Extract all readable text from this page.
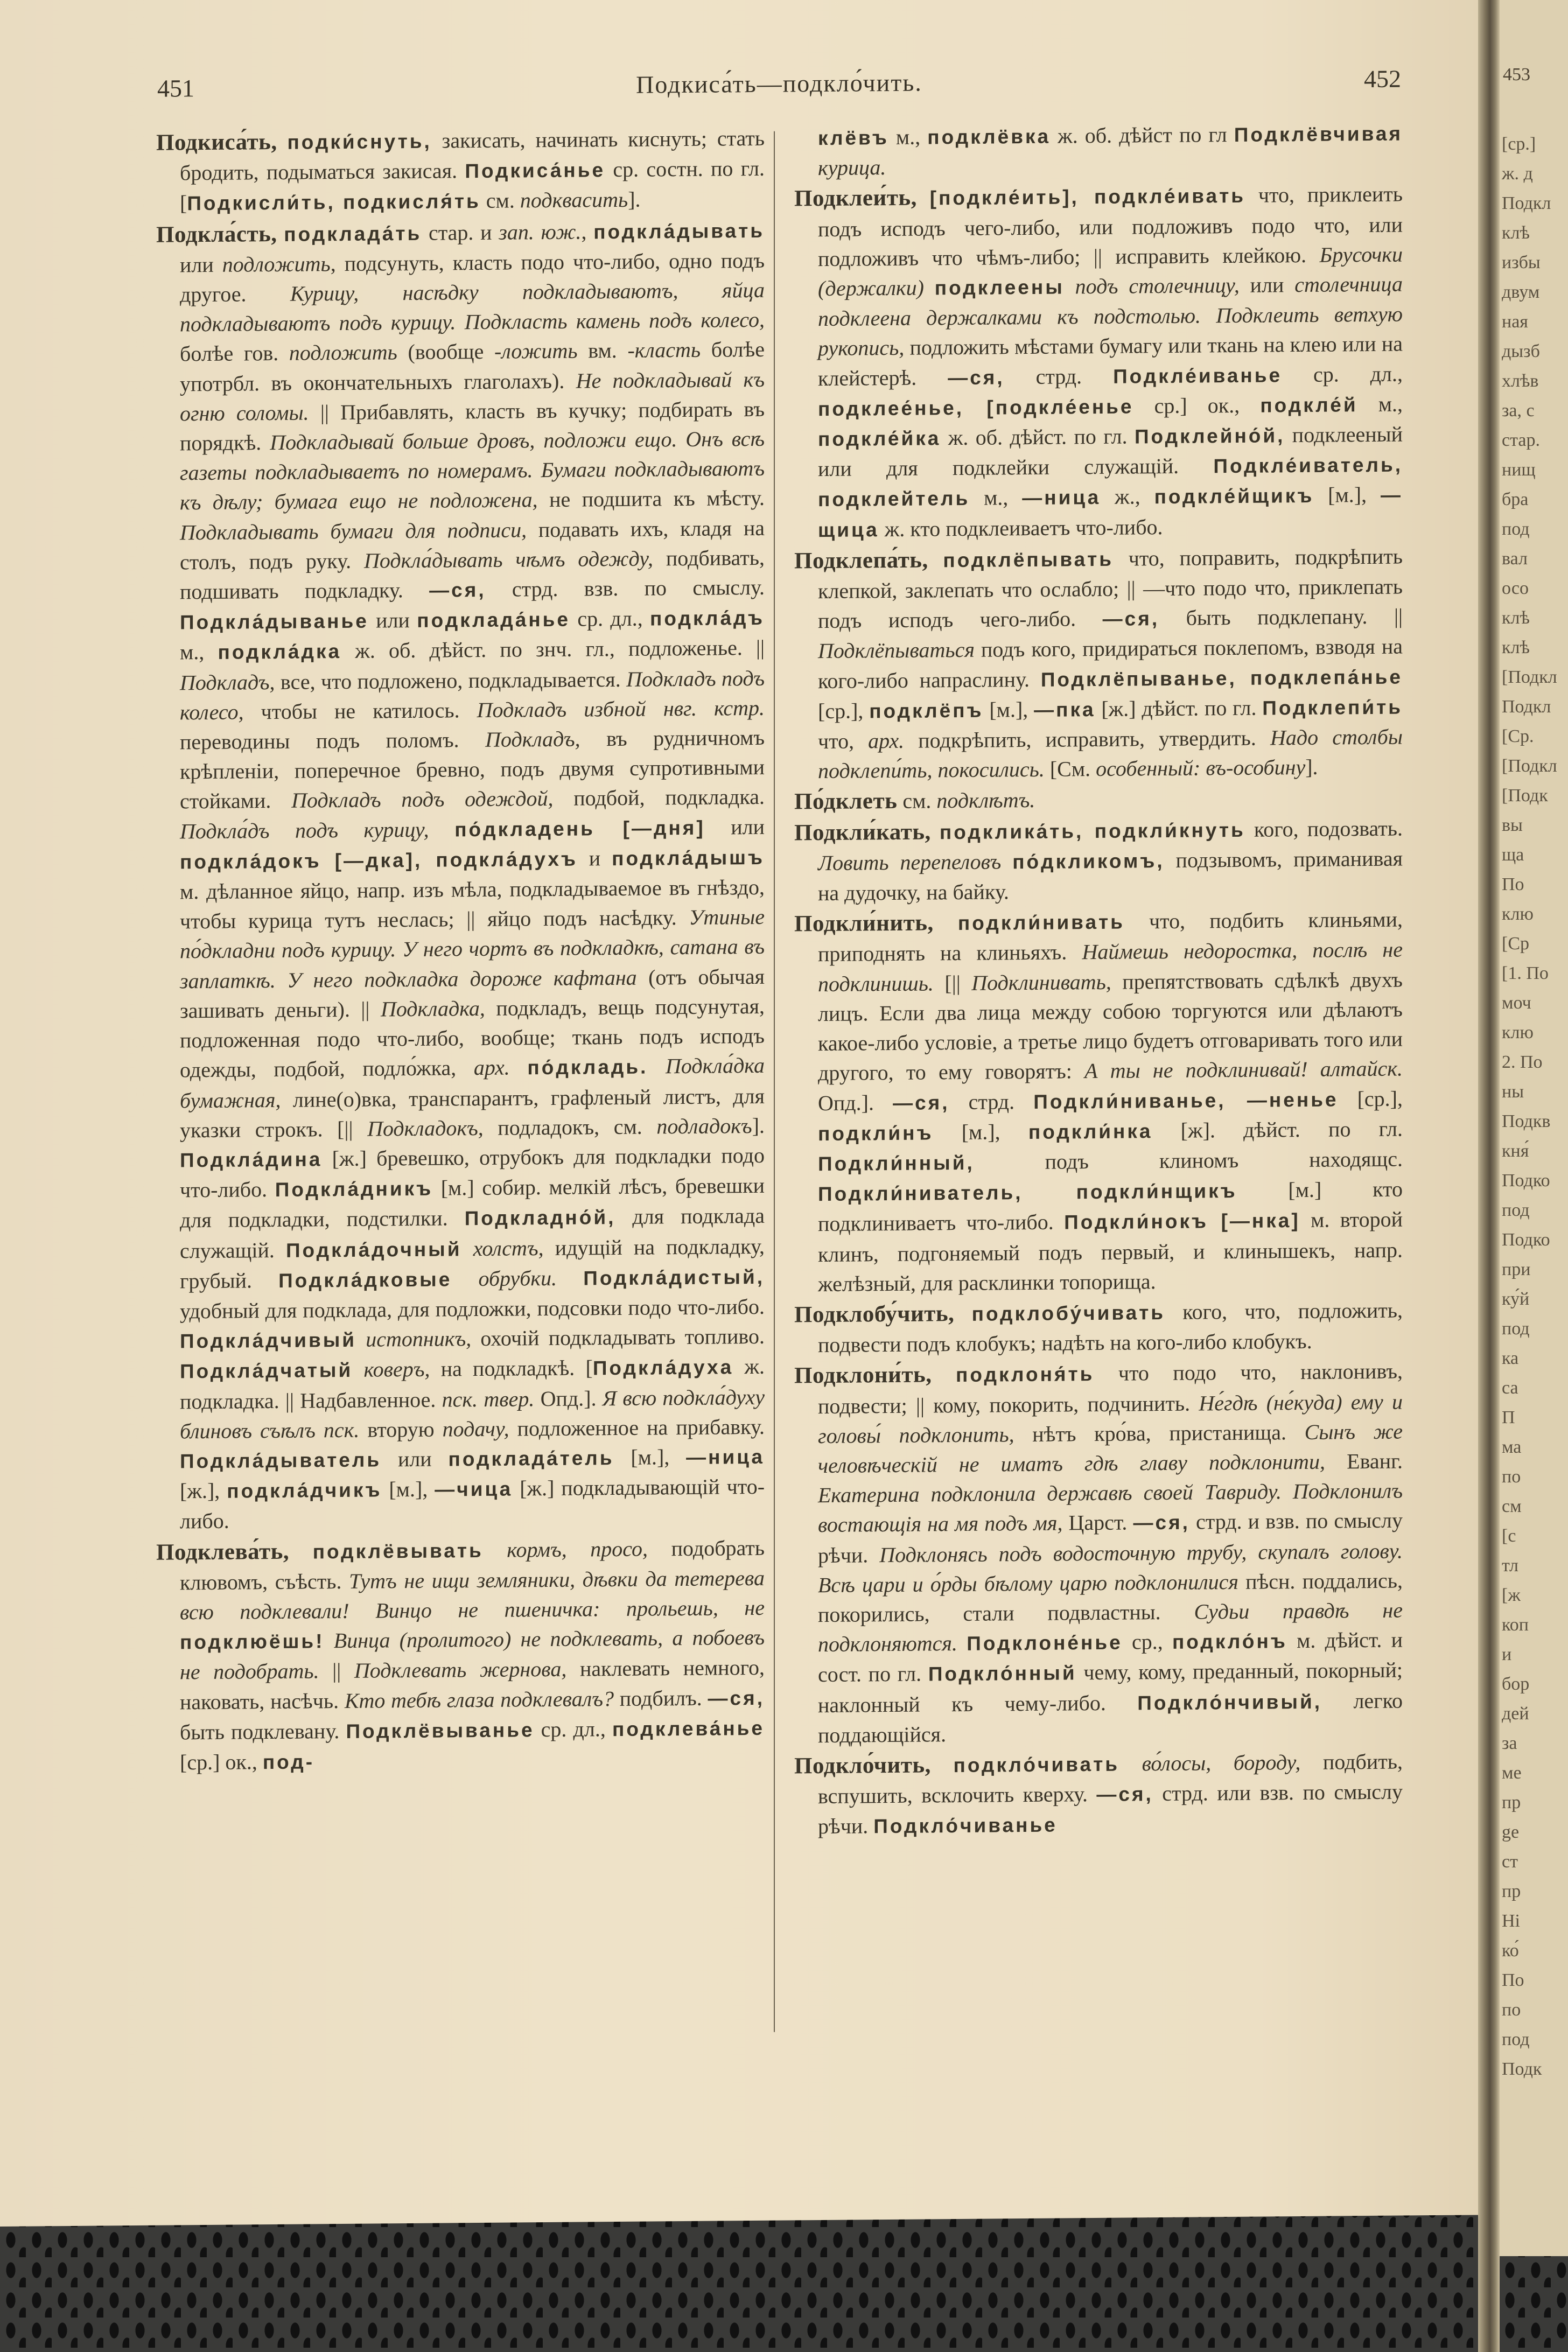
451	Подкиса́ть—подкло́чить.	452

Подкиса́ть, подки́снуть, закисать, начинать киснуть; стать бродить, подыматься закисая. Подкиса́нье ср. состн. по гл. [Подкисли́ть, подкисля́ть см. подквасить].

Подкла́сть, подклада́ть стар. и зап. юж., подкла́дывать или подложить, подсунуть, класть подо что-либо, одно подъ другое. Курицу, насѣдку подкладываютъ, яйца подкладываютъ подъ курицу. Подкласть камень подъ колесо, болѣе гов. подложить (вообще -ложить вм. -класть болѣе употрбл. въ окончательныхъ глаголахъ). Не подкладывай къ огню соломы. || Прибавлять, класть въ кучку; подбирать въ порядкѣ. Подкладывай больше дровъ, подложи ещо. Онъ всѣ газеты подкладываетъ по номерамъ. Бумаги подкладываютъ къ дѣлу; бумага ещо не подложена, не подшита къ мѣсту. Подкладывать бумаги для подписи, подавать ихъ, кладя на столъ, подъ руку. Подкла́дывать чѣмъ одежду, подбивать, подшивать подкладку. —ся, стрд. взв. по смыслу. Подкла́дыванье или подклада́нье ср. дл., подкла́дъ м., подкла́дка ж. об. дѣйст. по знч. гл., подложенье. || Подкладъ, все, что подложено, подкладывается. Подкладъ подъ колесо, чтобы не катилось. Подкладъ избной нвг. кстр. переводины подъ поломъ. Подкладъ, въ рудничномъ крѣпленіи, поперечное бревно, подъ двумя супротивными стойками. Подкладъ подъ одеждой, подбой, подкладка. Подкла́дъ подъ курицу, по́дкладень [—дня] или подкла́докъ [—дка], подкла́духъ и подкла́дышъ м. дѣланное яйцо, напр. изъ мѣла, подкладываемое въ гнѣздо, чтобы курица тутъ неслась; || яйцо подъ насѣдку. Утиные по́дкладни подъ курицу. У него чортъ въ подкладкѣ, сатана въ заплаткѣ. У него подкладка дороже кафтана (отъ обычая зашивать деньги). || Подкладка, подкладъ, вещь подсунутая, подложенная подо что-либо, вообще; ткань подъ исподъ одежды, подбой, подло́жка, арх. по́дкладь. Подкла́дка бумажная, лине(о)вка, транспарантъ, графленый листъ, для указки строкъ. [|| Подкладокъ, подладокъ, см. подладокъ]. Подкла́дина [ж.] бревешко, отрубокъ для подкладки подо что-либо. Подкла́дникъ [м.] собир. мелкій лѣсъ, бревешки для подкладки, подстилки. Подкладно́й, для подклада служащій. Подкла́дочный холстъ, идущій на подкладку, грубый. Подкла́дковые обрубки. Подкла́дистый, удобный для подклада, для подложки, подсовки подо что-либо. Подкла́дчивый истопникъ, охочій подкладывать топливо. Подкла́дчатый коверъ, на подкладкѣ. [Подкла́духа ж. подкладка. || Надбавленное. пск. твер. Опд.]. Я всю подкла́духу блиновъ съѣлъ пск. вторую подачу, подложенное на прибавку. Подкла́дыватель или подклада́тель [м.], —ница [ж.], подкла́дчикъ [м.], —чица [ж.] подкладывающій что-либо.

Подклева́ть, подклёвывать кормъ, просо, подобрать клювомъ, съѣсть. Тутъ не ищи земляники, дѣвки да тетерева всю подклевали! Винцо не пшеничка: прольешь, не подклюёшь! Винца (пролитого) не подклевать, а побоевъ не подобрать. || Подклевать жернова, наклевать немного, наковать, насѣчь. Кто тебѣ глаза подклевалъ? подбилъ. —ся, быть подклевану. Подклёвыванье ср. дл., подклева́нье [ср.] ок., под-

клёвъ м., подклёвка ж. об. дѣйст по гл Подклёвчивая курица.

Подклеи́ть, [подкле́ить], подкле́ивать что, приклеить подъ исподъ чего-либо, или подложивъ подо что, или подложивъ что чѣмъ-либо; || исправить клейкою. Брусочки (держалки) подклеены подъ столечницу, или столечница подклеена держалками къ подстолью. Подклеить ветхую рукопись, подложить мѣстами бумагу или ткань на клею или на клейстерѣ. —ся, стрд. Подкле́иванье ср. дл., подклее́нье, [подкле́енье ср.] ок., подкле́й м., подкле́йка ж. об. дѣйст. по гл. Подклейно́й, подклееный или для подклейки служащій. Подкле́иватель, подклейтель м., —ница ж., подкле́йщикъ [м.], —щица ж. кто подклеиваетъ что-либо.

Подклепа́ть, подклёпывать что, поправить, подкрѣпить клепкой, заклепать что ослабло; || —что подо что, приклепать подъ исподъ чего-либо. —ся, быть подклепану. || Подклёпываться подъ кого, придираться поклепомъ, взводя на кого-либо напраслину. Подклёпыванье, подклепа́нье [ср.], подклёпъ [м.], —пка [ж.] дѣйст. по гл. Подклепи́ть что, арх. подкрѣпить, исправить, утвердить. Надо столбы подклепи́ть, покосились. [См. особенный: въ-особину].

По́дклеть см. подклѣтъ.

Подкли́кать, подклика́ть, подкли́кнуть кого, подозвать. Ловить перепеловъ по́дкликомъ, подзывомъ, приманивая на дудочку, на байку.

Подкли́нить, подкли́нивать что, подбить клиньями, приподнять на клиньяхъ. Наймешь недоростка, послѣ не подклинишь. [|| Подклинивать, препятствовать сдѣлкѣ двухъ лицъ. Если два лица между собою торгуются или дѣлаютъ какое-либо условіе, а третье лицо будетъ отговаривать того или другого, то ему говорятъ: А ты не подклинивай! алтайск. Опд.]. —ся, стрд. Подкли́ниванье, —ненье [ср.], подкли́нъ [м.], подкли́нка [ж]. дѣйст. по гл. Подкли́нный, подъ клиномъ находящс. Подкли́ниватель, подкли́нщикъ [м.] кто подклиниваетъ что-либо. Подкли́нокъ [—нка] м. второй клинъ, подгоняемый подъ первый, и клинышекъ, напр. желѣзный, для расклинки топорища.

Подклобу́чить, подклобу́чивать кого, что, подложить, подвести подъ клобукъ; надѣть на кого-либо клобукъ.

Подклони́ть, подклоня́ть что подо что, наклонивъ, подвести; || кому, покорить, подчинить. Не́гдѣ (не́куда) ему и головы́ подклонить, нѣтъ кро́ва, пристанища. Сынъ же человѣческій не иматъ гдѣ главу подклонити, Еванг. Екатерина подклонила державѣ своей Тавриду. Подклонилъ востающія на мя подъ мя, Царст. —ся, стрд. и взв. по смыслу рѣчи. Подклонясь подъ водосточную трубу, скупалъ голову. Всѣ цари и о́рды бѣлому царю подклонилися пѣсн. поддались, покорились, стали подвластны. Судьи правдѣ не подклоняются. Подклоне́нье ср., подкло́нъ м. дѣйст. и сост. по гл. Подкло́нный чему, кому, преданный, покорный; наклонный къ чему-либо. Подкло́нчивый, легко поддающійся.

Подкло́чить, подкло́чивать во́лосы, бороду, подбить, вспушить, всклочить кверху. —ся, стрд. или взв. по смыслу рѣчи. Подкло́чиванье

453
[ср.]
ж. д
Подкл
клѣ
избы
двум
ная
дызб
хлѣв
за, с
стар.
нищ
бра
под
вал
осо
клѣ
клѣ
[Подкл
Подкл
[Ср.
[Подкл
[Подк
вы
ща
По
клю
[Ср
[1. По
моч
клю
2. По
ны
Подкв
кня́
Подко
под
Подко
при
ку́й
под
ка
са
П
ма
по
см
[с
тл
[ж
коп
и
бор
дей
за
ме
пр
ge
ст
пр
Ні
ко́
По
по
под
Подк
